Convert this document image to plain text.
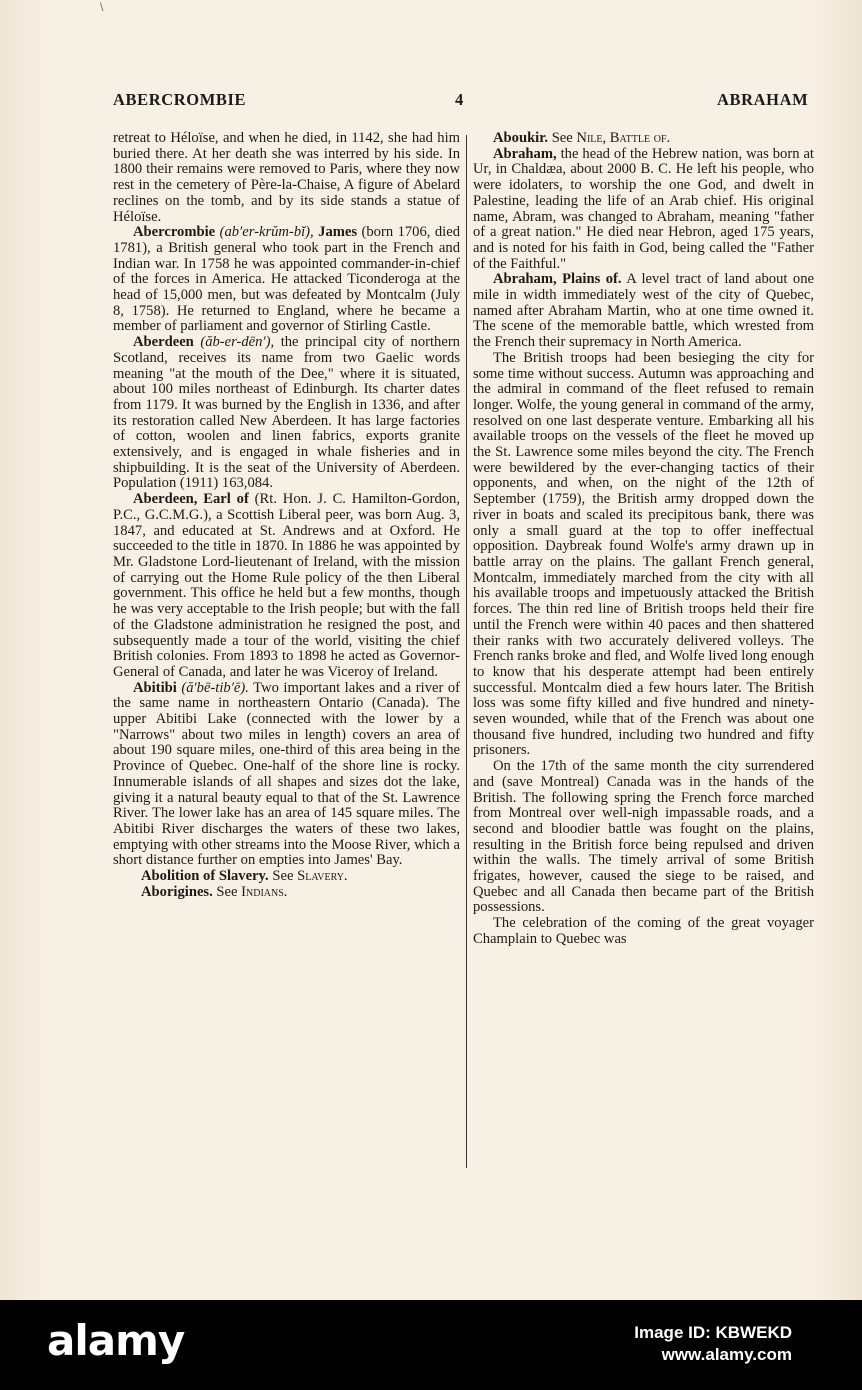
\
ABERCROMBIE	4	ABRAHAM

retreat to Héloïse, and when he died, in 1142, she had him buried there. At her death she was interred by his side. In 1800 their remains were removed to Paris, where they now rest in the cemetery of Père-la-Chaise, A figure of Abelard reclines on the tomb, and by its side stands a statue of Héloïse.

Abercrombie (ab′er-krŭm-bĭ), James (born 1706, died 1781), a British general who took part in the French and Indian war. In 1758 he was appointed commander-in-chief of the forces in America. He attacked Ticonderoga at the head of 15,000 men, but was defeated by Montcalm (July 8, 1758). He returned to England, where he became a member of parliament and governor of Stirling Castle.

Aberdeen (ăb-er-dēn′), the principal city of northern Scotland, receives its name from two Gaelic words meaning "at the mouth of the Dee," where it is situated, about 100 miles northeast of Edinburgh. Its charter dates from 1179. It was burned by the English in 1336, and after its restoration called New Aberdeen. It has large factories of cotton, woolen and linen fabrics, exports granite extensively, and is engaged in whale fisheries and in shipbuilding. It is the seat of the University of Aberdeen. Population (1911) 163,084.

Aberdeen, Earl of (Rt. Hon. J. C. Hamilton-Gordon, P.C., G.C.M.G.), a Scottish Liberal peer, was born Aug. 3, 1847, and educated at St. Andrews and at Oxford. He succeeded to the title in 1870. In 1886 he was appointed by Mr. Gladstone Lord-lieutenant of Ireland, with the mission of carrying out the Home Rule policy of the then Liberal government. This office he held but a few months, though he was very acceptable to the Irish people; but with the fall of the Gladstone administration he resigned the post, and subsequently made a tour of the world, visiting the chief British colonies. From 1893 to 1898 he acted as Governor-General of Canada, and later he was Viceroy of Ireland.

Abitibi (ă′bē-tib′ē). Two important lakes and a river of the same name in northeastern Ontario (Canada). The upper Abitibi Lake (connected with the lower by a "Narrows" about two miles in length) covers an area of about 190 square miles, one-third of this area being in the Province of Quebec. One-half of the shore line is rocky. Innumerable islands of all shapes and sizes dot the lake, giving it a natural beauty equal to that of the St. Lawrence River. The lower lake has an area of 145 square miles. The Abitibi River discharges the waters of these two lakes, emptying with other streams into the Moose River, which a short distance further on empties into James' Bay.

Abolition of Slavery. See Slavery.

Aborigines. See Indians.

Aboukir. See Nile, Battle of.

Abraham, the head of the Hebrew nation, was born at Ur, in Chaldæa, about 2000 B. C. He left his people, who were idolaters, to worship the one God, and dwelt in Palestine, leading the life of an Arab chief. His original name, Abram, was changed to Abraham, meaning "father of a great nation." He died near Hebron, aged 175 years, and is noted for his faith in God, being called the "Father of the Faithful."

Abraham, Plains of. A level tract of land about one mile in width immediately west of the city of Quebec, named after Abraham Martin, who at one time owned it. The scene of the memorable battle, which wrested from the French their supremacy in North America.

The British troops had been besieging the city for some time without success. Autumn was approaching and the admiral in command of the fleet refused to remain longer. Wolfe, the young general in command of the army, resolved on one last desperate venture. Embarking all his available troops on the vessels of the fleet he moved up the St. Lawrence some miles beyond the city. The French were bewildered by the ever-changing tactics of their opponents, and when, on the night of the 12th of September (1759), the British army dropped down the river in boats and scaled its precipitous bank, there was only a small guard at the top to offer ineffectual opposition. Daybreak found Wolfe's army drawn up in battle array on the plains. The gallant French general, Montcalm, immediately marched from the city with all his available troops and impetuously attacked the British forces. The thin red line of British troops held their fire until the French were within 40 paces and then shattered their ranks with two accurately delivered volleys. The French ranks broke and fled, and Wolfe lived long enough to know that his desperate attempt had been entirely successful. Montcalm died a few hours later. The British loss was some fifty killed and five hundred and ninety-seven wounded, while that of the French was about one thousand five hundred, including two hundred and fifty prisoners.

On the 17th of the same month the city surrendered and (save Montreal) Canada was in the hands of the British. The following spring the French force marched from Montreal over well-nigh impassable roads, and a second and bloodier battle was fought on the plains, resulting in the British force being repulsed and driven within the walls. The timely arrival of some British frigates, however, caused the siege to be raised, and Quebec and all Canada then became part of the British possessions.

The celebration of the coming of the great voyager Champlain to Quebec was

alamy	Image ID: KBWEKD
www.alamy.com
